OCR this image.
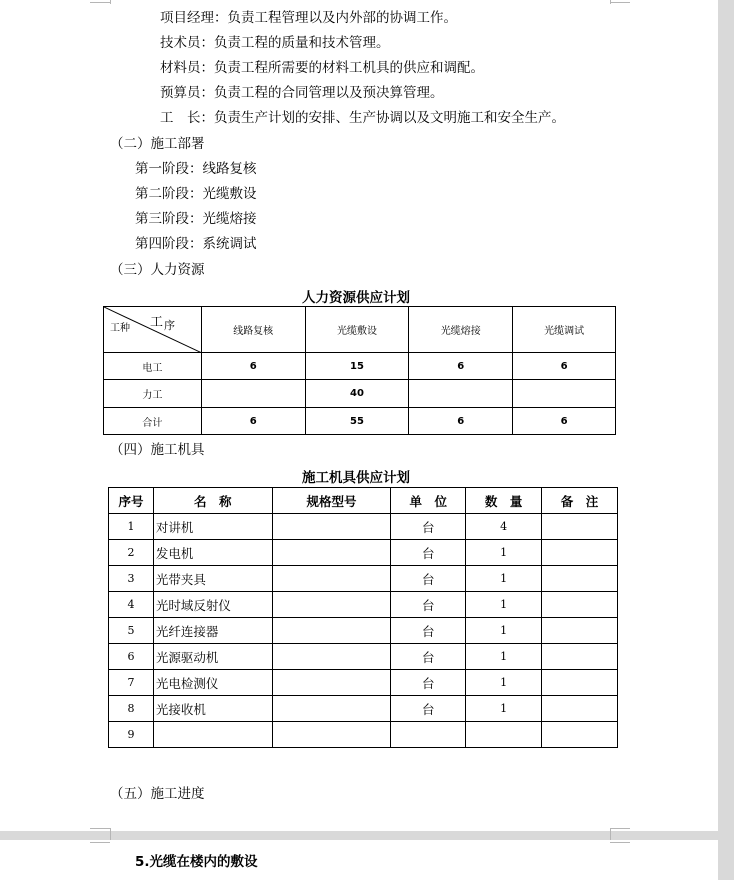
项目经理：负责工程管理以及内外部的协调工作。
技术员：负责工程的质量和技术管理。
材料员：负责工程所需要的材料工机具的供应和调配。
预算员：负责工程的合同管理以及预决算管理。
工　长：负责生产计划的安排、生产协调以及文明施工和安全生产。
（二）施工部署
第一阶段：线路复核
第二阶段：光缆敷设
第三阶段：光缆熔接
第四阶段：系统调试
（三）人力资源
人力资源供应计划
工种 工 序	线路复核	光缆敷设	光缆熔接	光缆调试
电工	6	15	6	6
力工		40		
合计	6	55	6	6
（四）施工机具
施工机具供应计划
序号	名　称	规格型号	单　位	数　量	备　注
1	对讲机		台	4	
2	发电机		台	1	
3	光带夹具		台	1	
4	光时域反射仪		台	1	
5	光纤连接器		台	1	
6	光源驱动机		台	1	
7	光电检测仪		台	1	
8	光接收机		台	1	
9					
（五）施工进度
5.光缆在楼内的敷设
